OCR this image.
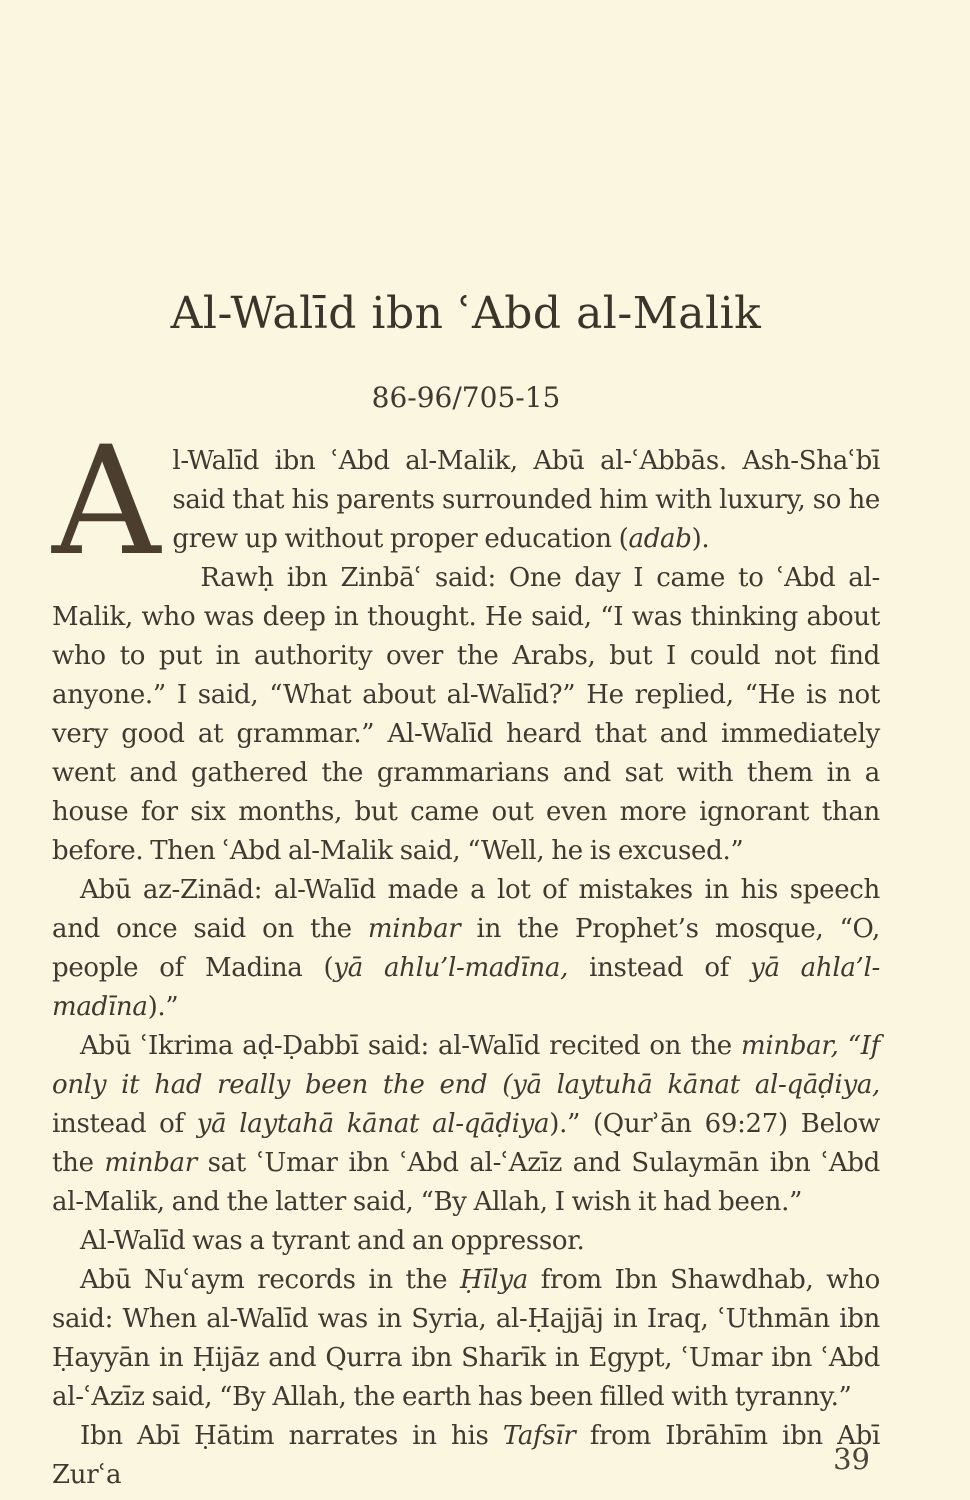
Al-Walīd ibn ʿAbd al-Malik
86-96/705-15

Al-Walīd ibn ʿAbd al-Malik, Abū al-ʿAbbās. Ash-Shaʿbī said that his parents surrounded him with luxury, so he grew up without proper education (adab).

Rawḥ ibn Zinbāʿ said: One day I came to ʿAbd al-Malik, who was deep in thought. He said, “I was thinking about who to put in authority over the Arabs, but I could not find anyone.” I said, “What about al-Walīd?” He replied, “He is not very good at grammar.” Al-Walīd heard that and immediately went and gathered the grammarians and sat with them in a house for six months, but came out even more ignorant than before. Then ʿAbd al-Malik said, “Well, he is excused.”

Abū az-Zinād: al-Walīd made a lot of mistakes in his speech and once said on the minbar in the Prophet’s mosque, “O, people of Madina (yā ahlu’l-madīna, instead of yā ahla’l-madīna).”

Abū ʿIkrima aḍ-Ḍabbī said: al-Walīd recited on the minbar, “If only it had really been the end (yā laytuhā kānat al-qāḍiya, instead of yā laytahā kānat al-qāḍiya).” (Qurʾān 69:27) Below the minbar sat ʿUmar ibn ʿAbd al-ʿAzīz and Sulaymān ibn ʿAbd al-Malik, and the latter said, “By Allah, I wish it had been.”

Al-Walīd was a tyrant and an oppressor.

Abū Nuʿaym records in the Ḥīlya from Ibn Shawdhab, who said: When al-Walīd was in Syria, al-Ḥajjāj in Iraq, ʿUthmān ibn Ḥayyān in Ḥijāz and Qurra ibn Sharīk in Egypt, ʿUmar ibn ʿAbd al-ʿAzīz said, “By Allah, the earth has been filled with tyranny.”

Ibn Abī Ḥātim narrates in his Tafsīr from Ibrāhīm ibn Abī Zurʿa	39
